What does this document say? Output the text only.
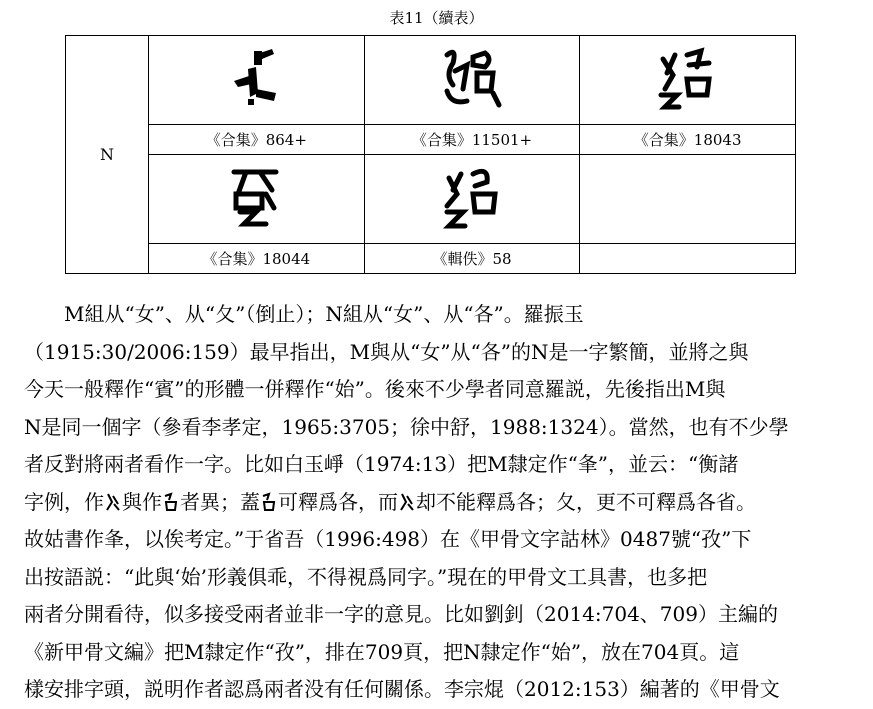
表11（續表）
N	

	《合集》864+	《合集》11501+	《合集》18043

	《合集》18044	《輯佚》58	

M組从“女”、从“夂”（倒止）；N組从“女”、从“各”。羅振玉

（1915:30/2006:159）最早指出，M與从“女”从“各”的N是一字繁簡，並將之與

今天一般釋作“賓”的形體一併釋作“始”。後來不少學者同意羅説，先後指出M與

N是同一個字（參看李孝定，1965:3705；徐中舒，1988:1324）。當然，也有不少學

者反對將兩者看作一字。比如白玉崢（1974:13）把M隸定作“夆”，並云：“衡諸

字例，作 與作 者異；蓋 可釋爲各，而 却不能釋爲各；夂，更不可釋爲各省。

故姑書作夆，以俟考定。”于省吾（1996:498）在《甲骨文字詁林》0487號“孜”下

出按語説：“此與‘始’形義俱乖，不得視爲同字。”現在的甲骨文工具書，也多把

兩者分開看待，似多接受兩者並非一字的意見。比如劉釗（2014:704、709）主編的

《新甲骨文編》把M隸定作“孜”，排在709頁，把N隸定作“始”，放在704頁。這

樣安排字頭，説明作者認爲兩者没有任何關係。李宗焜（2012:153）編著的《甲骨文
